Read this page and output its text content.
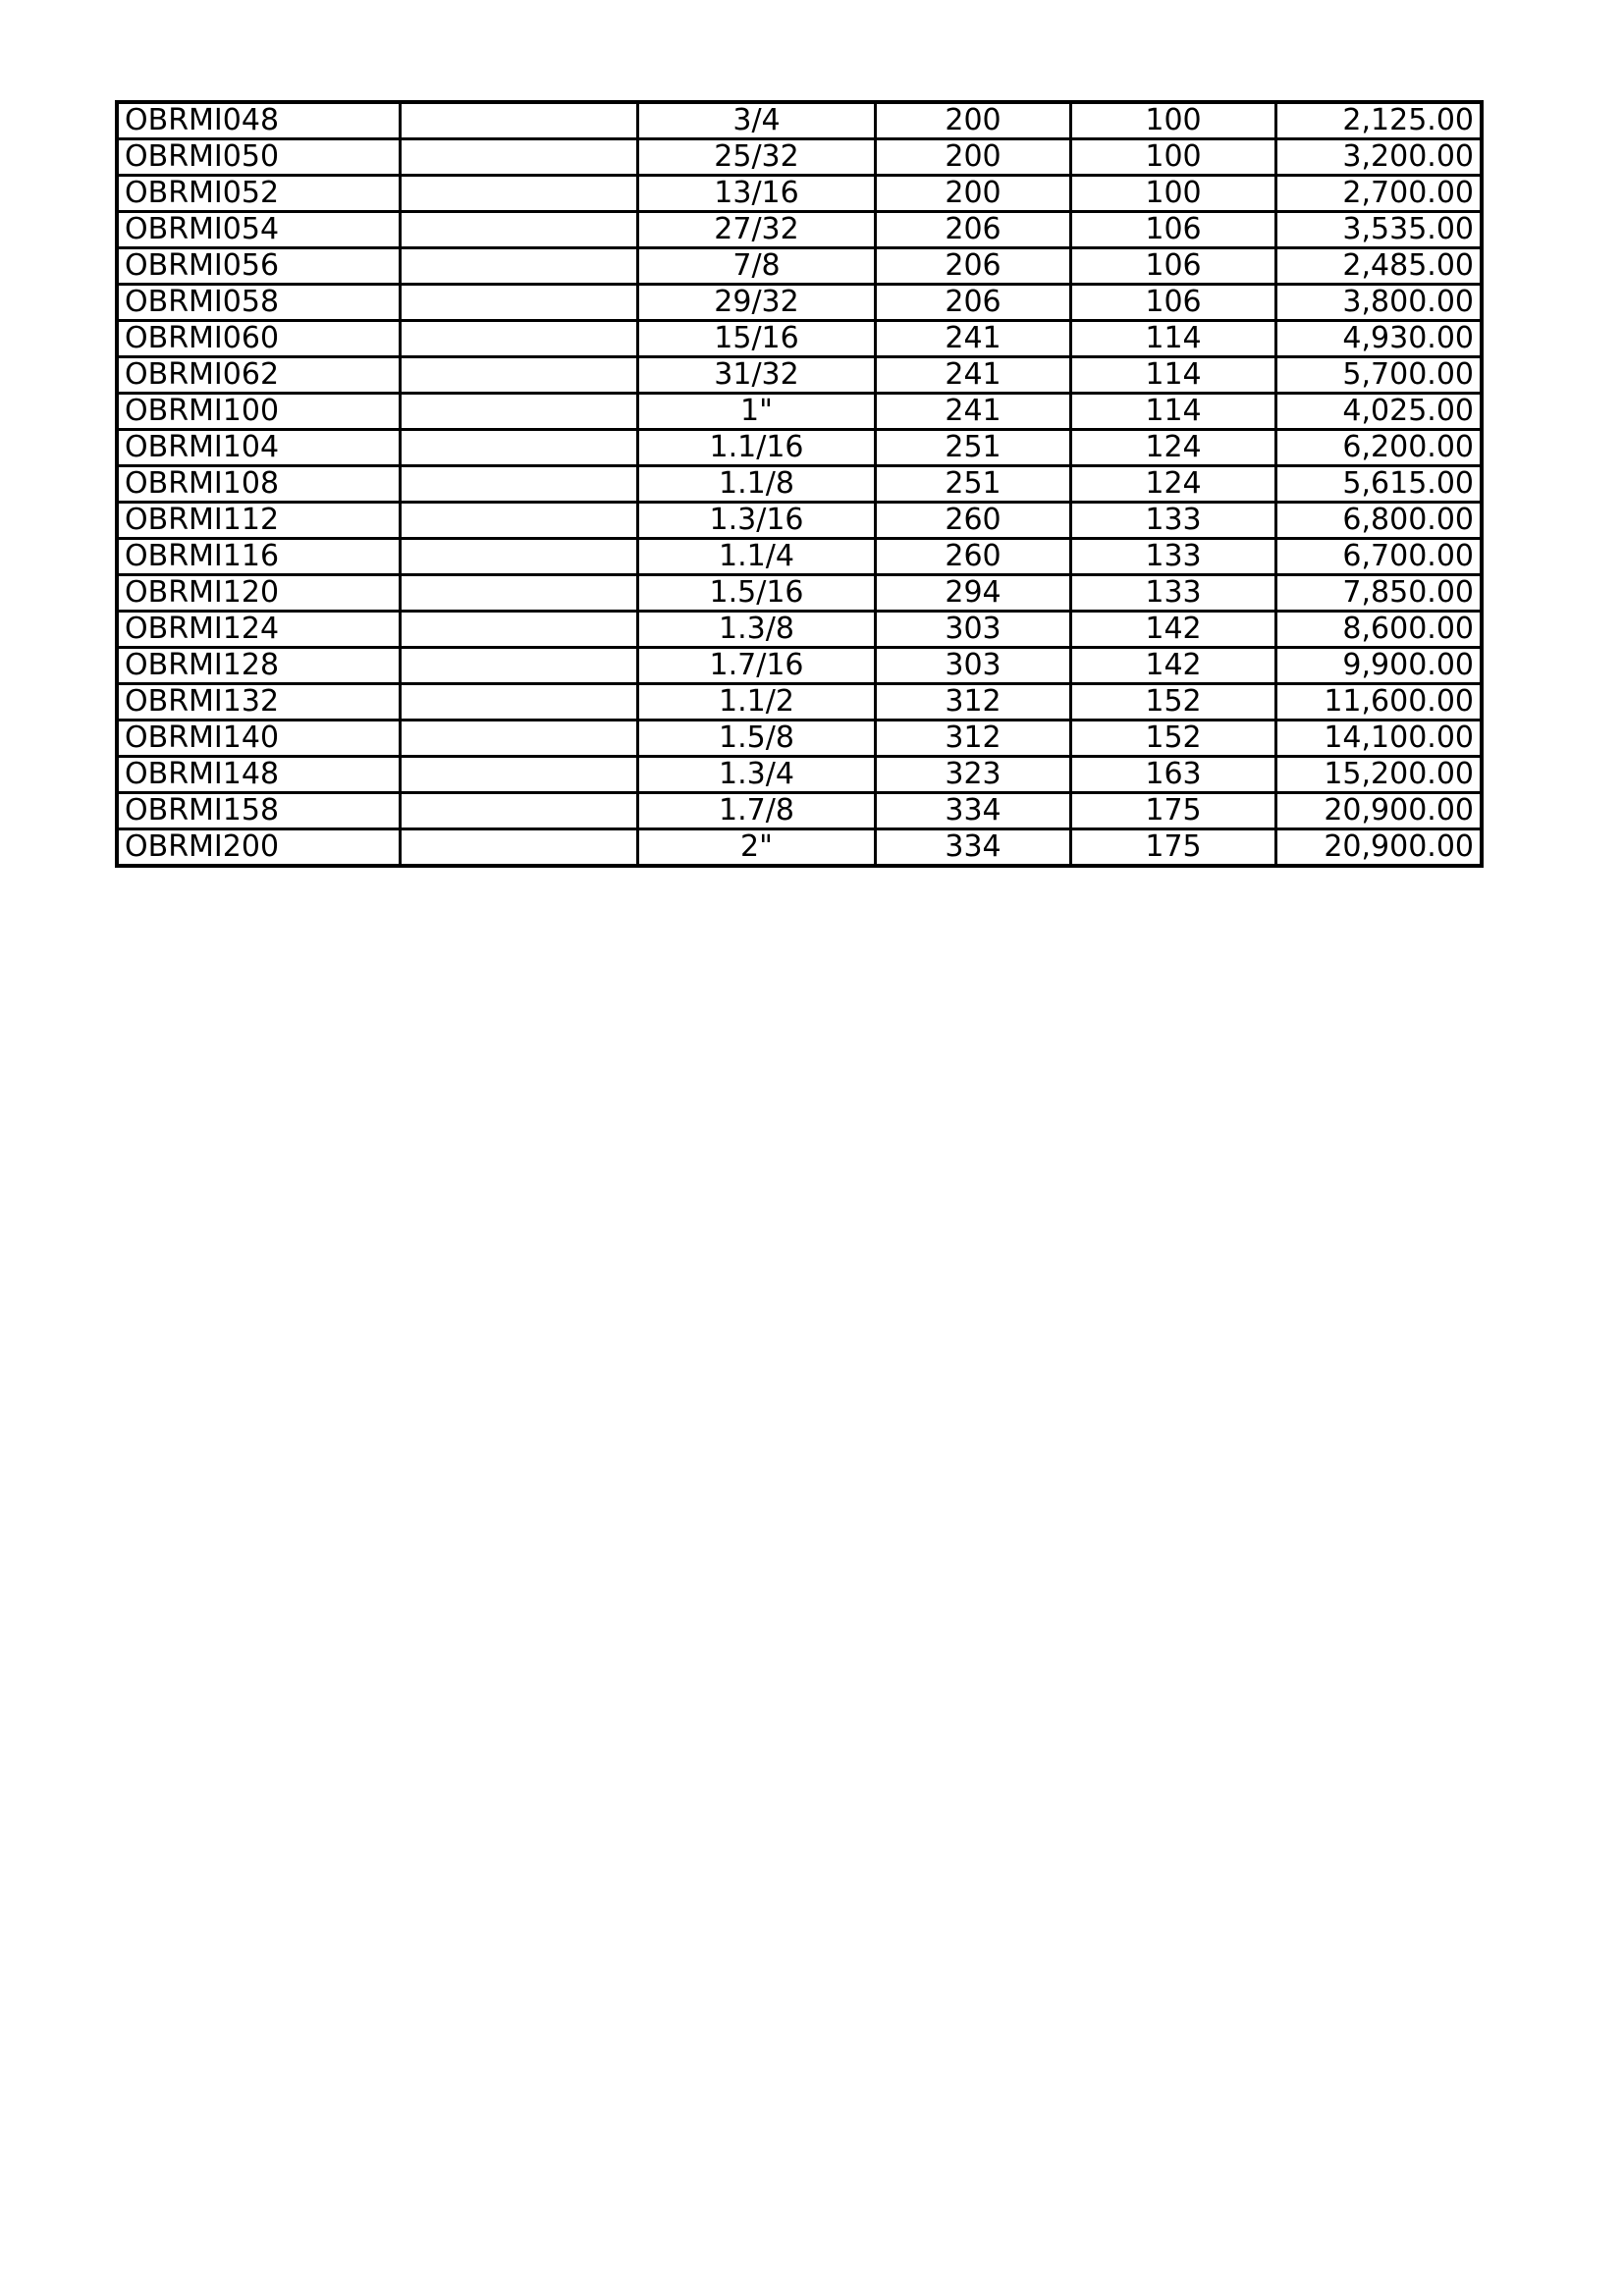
OBRMI048		3/4	200	100	2,125.00
OBRMI050		25/32	200	100	3,200.00
OBRMI052		13/16	200	100	2,700.00
OBRMI054		27/32	206	106	3,535.00
OBRMI056		7/8	206	106	2,485.00
OBRMI058		29/32	206	106	3,800.00
OBRMI060		15/16	241	114	4,930.00
OBRMI062		31/32	241	114	5,700.00
OBRMI100		1"	241	114	4,025.00
OBRMI104		1.1/16	251	124	6,200.00
OBRMI108		1.1/8	251	124	5,615.00
OBRMI112		1.3/16	260	133	6,800.00
OBRMI116		1.1/4	260	133	6,700.00
OBRMI120		1.5/16	294	133	7,850.00
OBRMI124		1.3/8	303	142	8,600.00
OBRMI128		1.7/16	303	142	9,900.00
OBRMI132		1.1/2	312	152	11,600.00
OBRMI140		1.5/8	312	152	14,100.00
OBRMI148		1.3/4	323	163	15,200.00
OBRMI158		1.7/8	334	175	20,900.00
OBRMI200		2"	334	175	20,900.00
